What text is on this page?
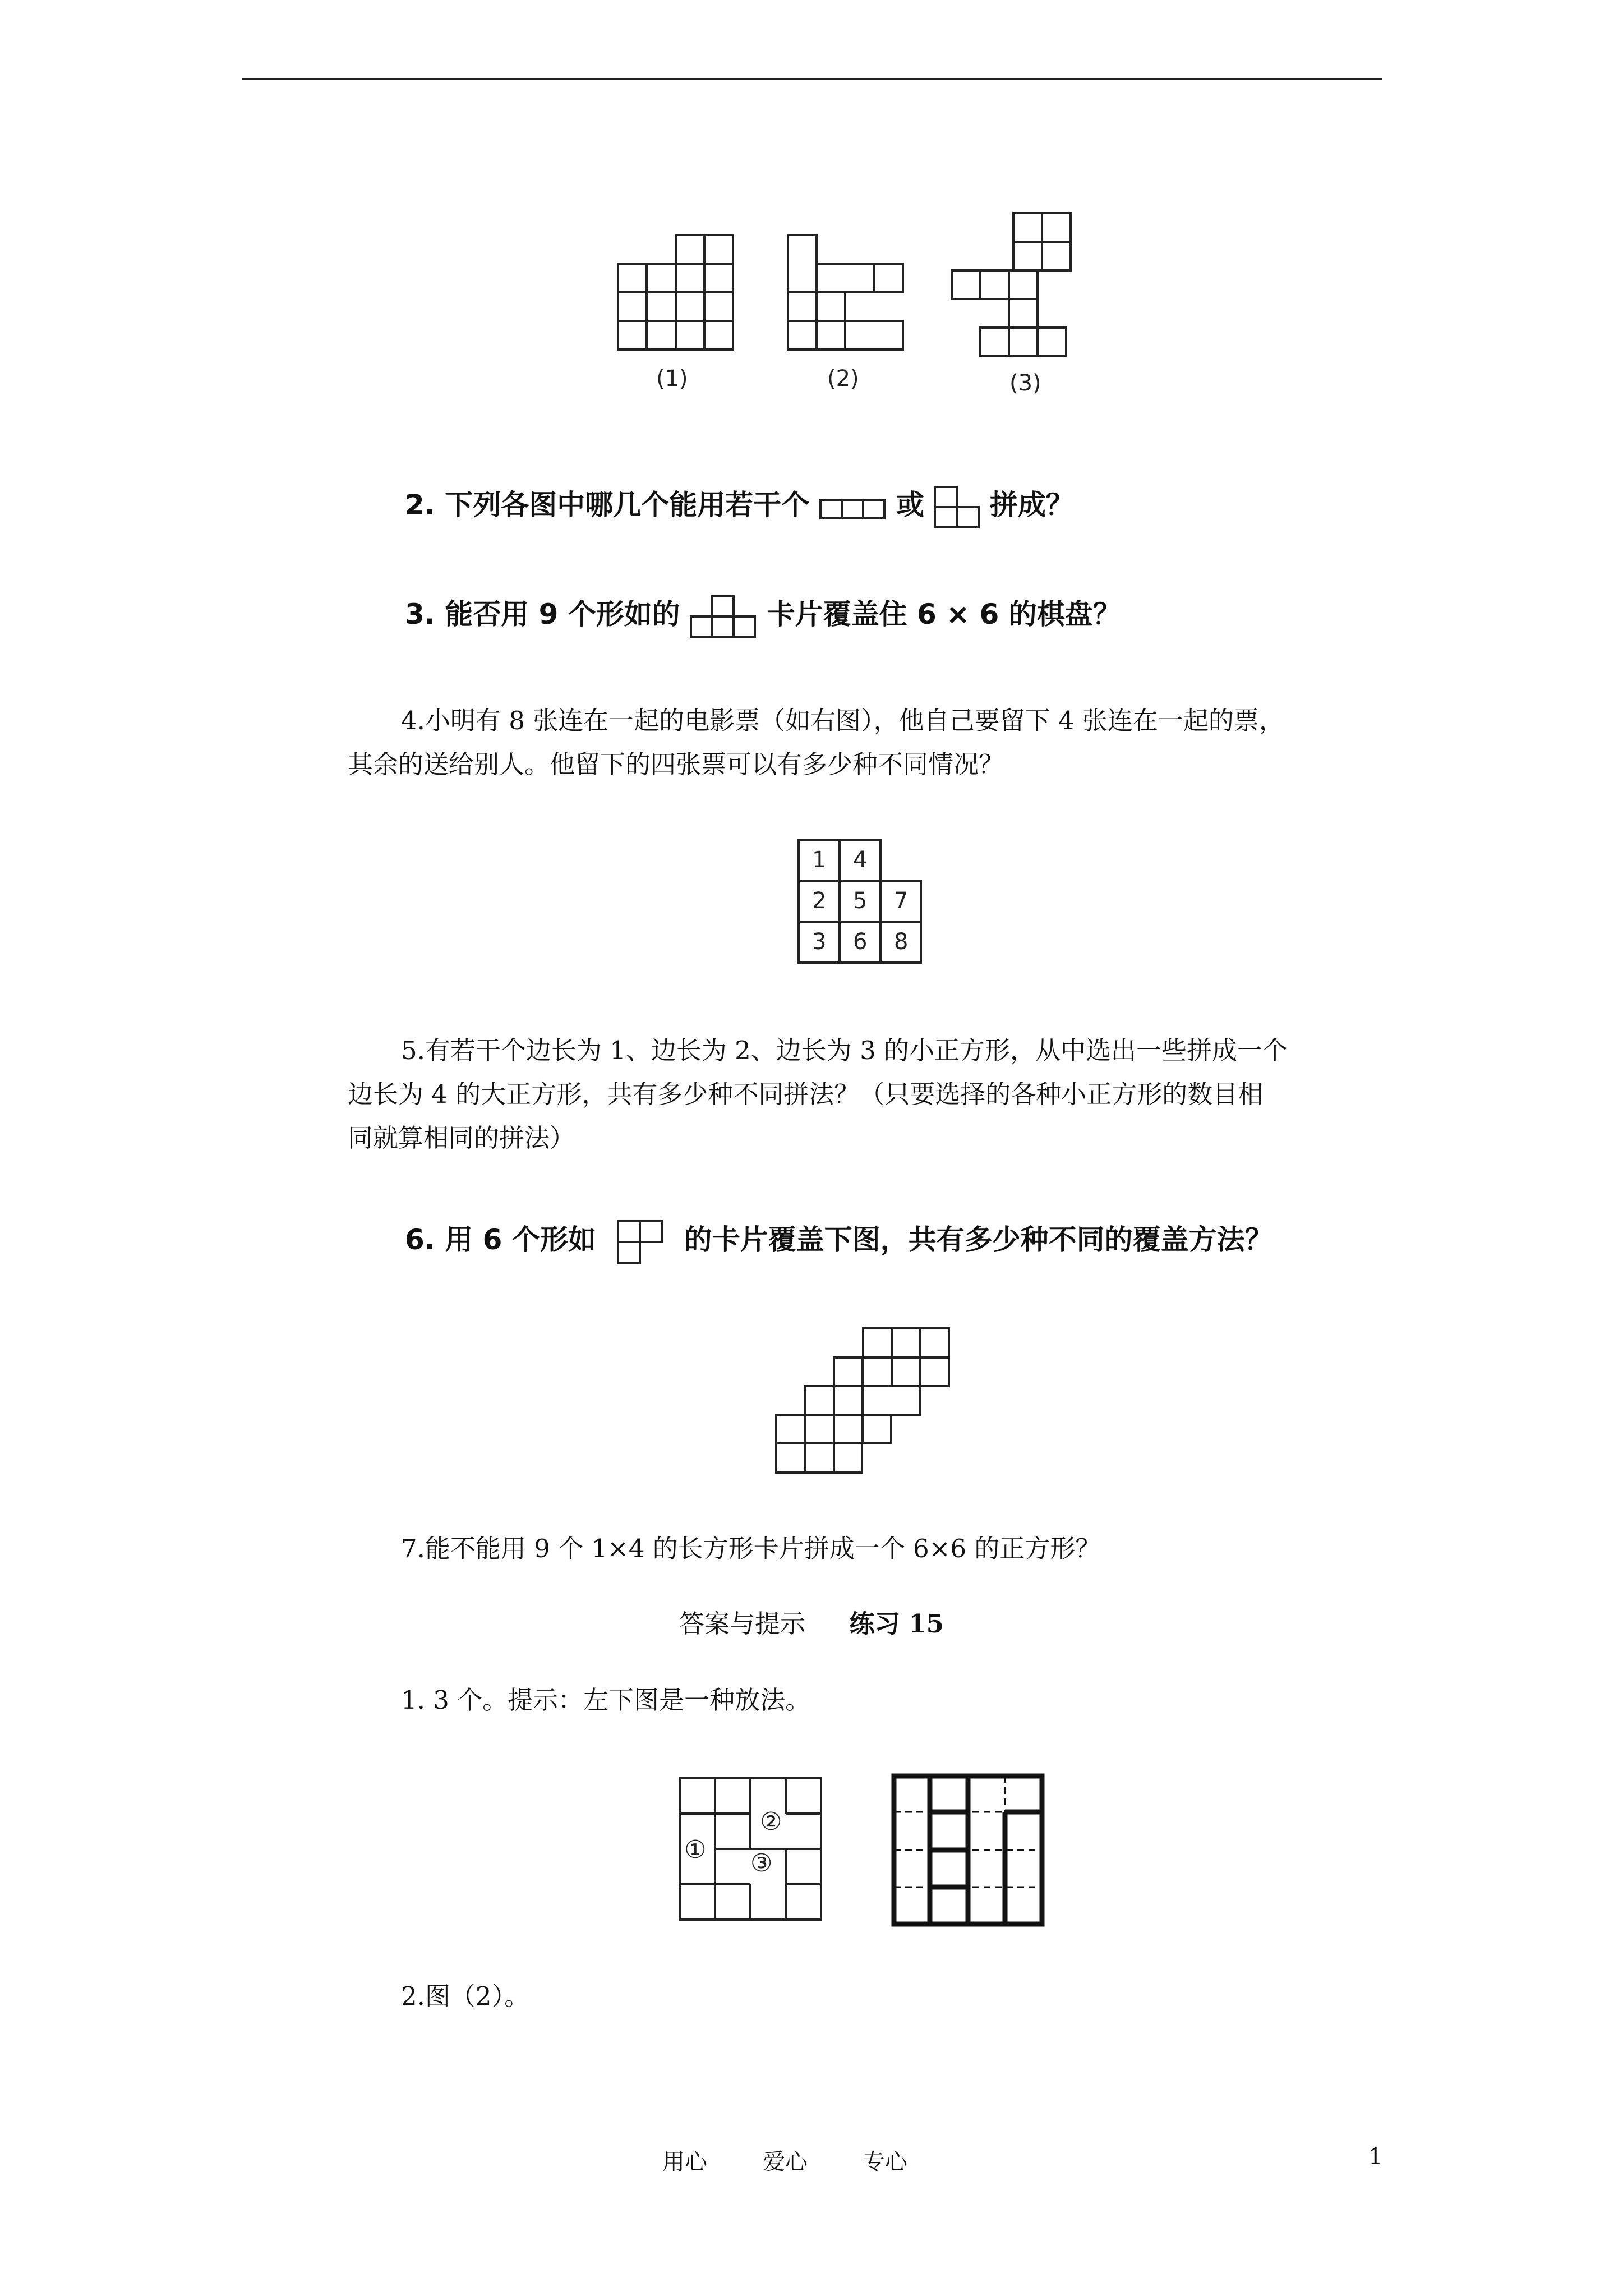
(1)	(2)	(3)
2. 下列各图中哪几个能用若干个	或 拼成？
3. 能否用 9 个形如的	卡片覆盖住 6 × 6 的棋盘？
4.小明有 8 张连在一起的电影票（如右图），他自己要留下 4 张连在一起的票，
其余的送给别人。他留下的四张票可以有多少种不同情况？
1 4
2 5 7
3 6 8
5.有若干个边长为 1、边长为 2、边长为 3 的小正方形，从中选出一些拼成一个
边长为 4 的大正方形，共有多少种不同拼法？（只要选择的各种小正方形的数目相
同就算相同的拼法）
6. 用 6 个形如	的卡片覆盖下图，共有多少种不同的覆盖方法？
7.能不能用 9 个 1×4 的长方形卡片拼成一个 6×6 的正方形？
答案与提示 练习 15
1. 3 个。提示：左下图是一种放法。
①
②
③
2.图（2）。
用心 爱心 专心	1
